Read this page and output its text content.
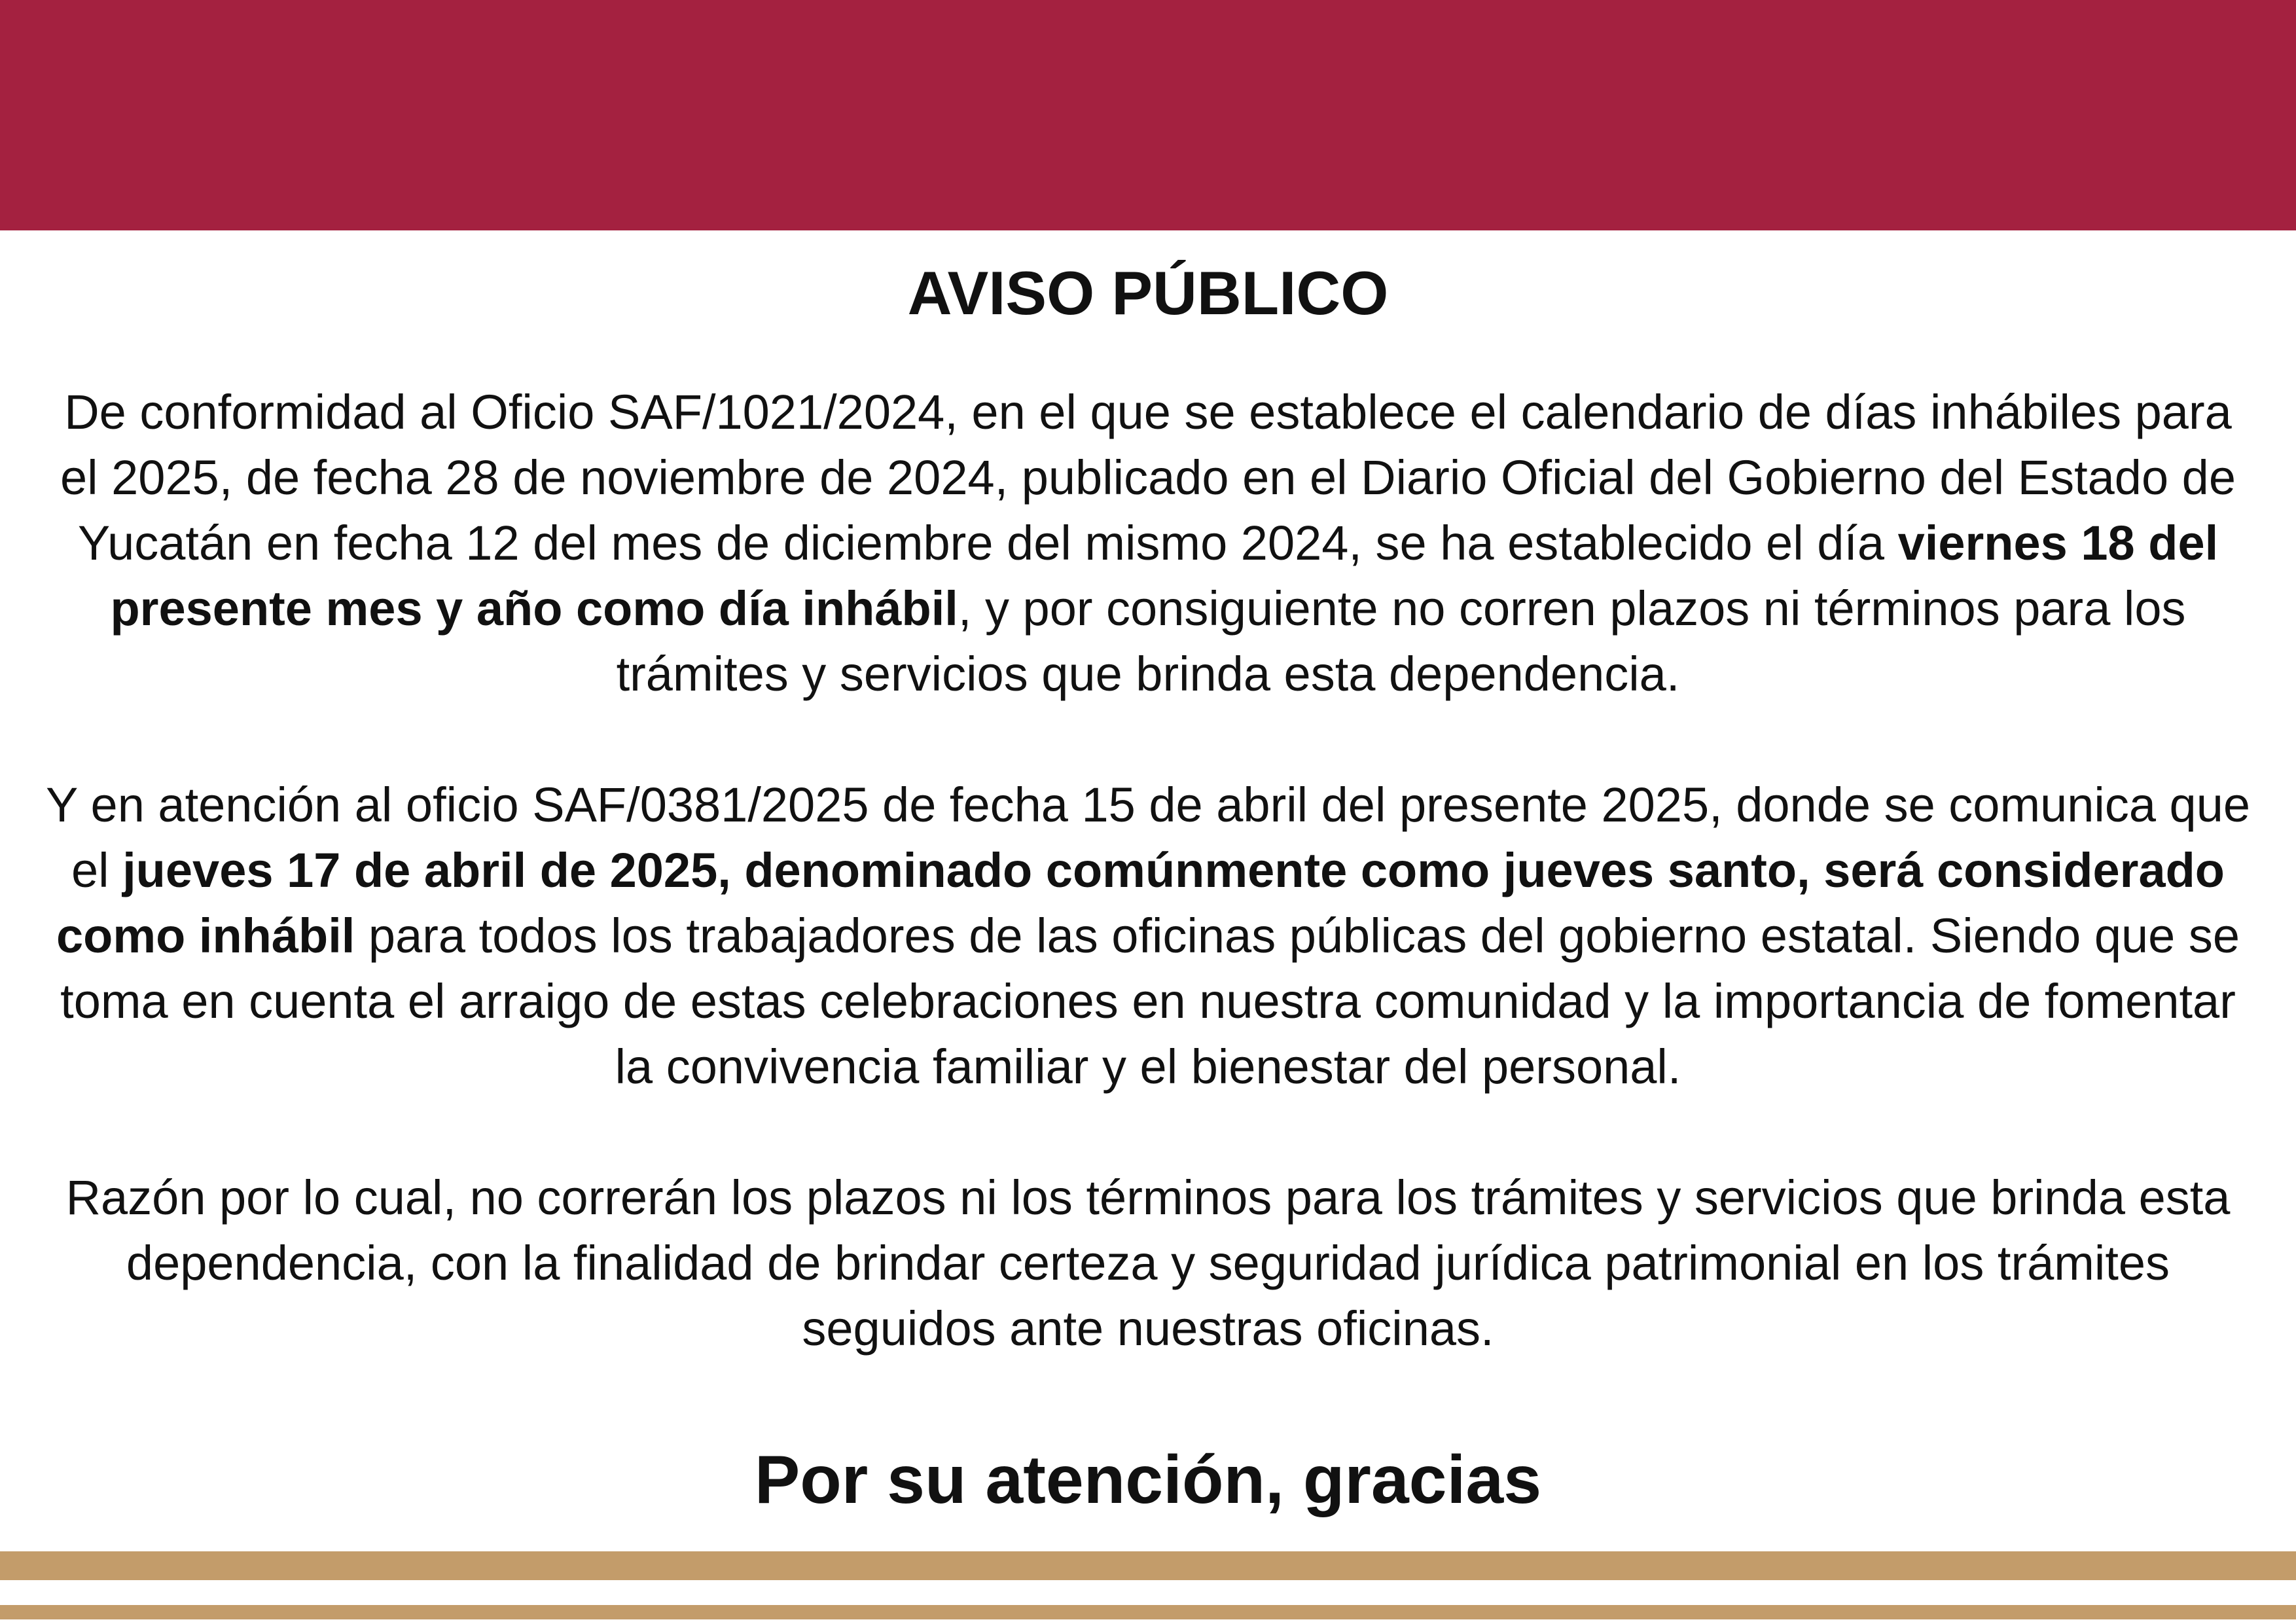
AVISO PÚBLICO

De conformidad al Oficio SAF/1021/2024, en el que se establece el calendario de días inhábiles para el 2025, de fecha 28 de noviembre de 2024, publicado en el Diario Oficial del Gobierno del Estado de Yucatán en fecha 12 del mes de diciembre del mismo 2024, se ha establecido el día viernes 18 del presente mes y año como día inhábil, y por consiguiente no corren plazos ni términos para los trámites y servicios que brinda esta dependencia.

Y en atención al oficio SAF/0381/2025 de fecha 15 de abril del presente 2025, donde se comunica que el jueves 17 de abril de 2025, denominado comúnmente como jueves santo, será considerado como inhábil para todos los trabajadores de las oficinas públicas del gobierno estatal. Siendo que se toma en cuenta el arraigo de estas celebraciones en nuestra comunidad y la importancia de fomentar la convivencia familiar y el bienestar del personal.

Razón por lo cual, no correrán los plazos ni los términos para los trámites y servicios que brinda esta dependencia, con la finalidad de brindar certeza y seguridad jurídica patrimonial en los trámites seguidos ante nuestras oficinas.

Por su atención, gracias
